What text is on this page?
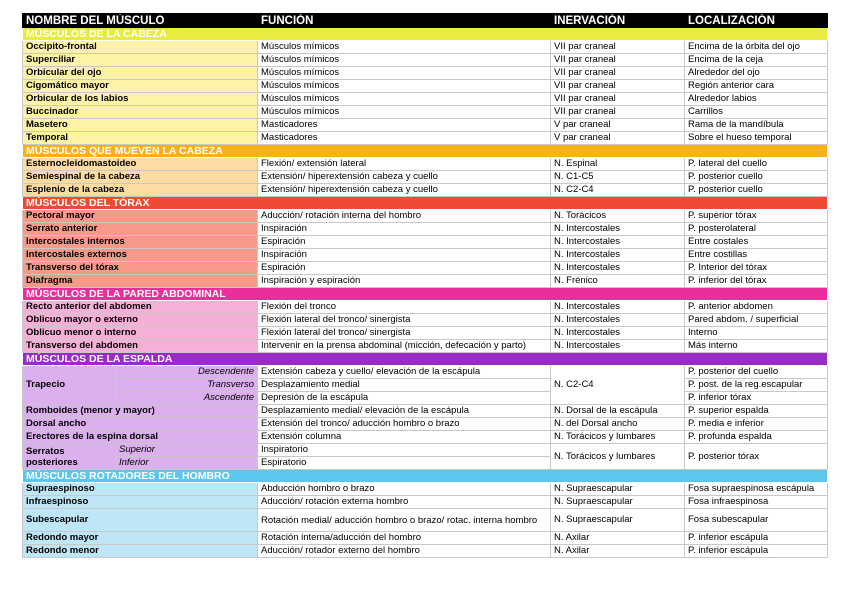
NOMBRE DEL MÚSCULO		FUNCIÓN	INERVACIÓN	LOCALIZACIÓN
MÚSCULOS DE LA CABEZA				
Occipito-frontal		Músculos mímicos	VII par craneal	Encima de la órbita del ojo
Superciliar		Músculos mímicos	VII par craneal	Encima de la ceja
Orbicular del ojo		Músculos mímicos	VII par craneal	Alrededor del ojo
Cigomático mayor		Músculos mímicos	VII par craneal	Región anterior cara
Orbicular de los labios		Músculos mímicos	VII par craneal	Alrededor labios
Buccinador		Músculos mímicos	VII par craneal	Carrillos
Masetero		Masticadores	V par craneal	Rama de la mandíbula
Temporal		Masticadores	V par craneal	Sobre el hueso temporal
MÚSCULOS QUE MUEVEN LA CABEZA				
Esternocleidomastoideo		Flexión/ extensión lateral	N. Espinal	P. lateral del cuello
Semiespinal de la cabeza		Extensión/ hiperextensión cabeza y cuello	N. C1-C5	P. posterior cuello
Esplenio de la cabeza		Extensión/ hiperextensión cabeza y cuello	N. C2-C4	P. posterior cuello
MÚSCULOS DEL TÓRAX				
Pectoral mayor		Aducción/ rotación interna del hombro	N. Torácicos	P. superior tórax
Serrato anterior		Inspiración	N. Intercostales	P. posterolateral
Intercostales internos		Espiración	N. Intercostales	Entre costales
Intercostales externos		Inspiración	N. Intercostales	Entre costillas
Transverso del tórax		Espiración	N. Intercostales	P. Interior del tórax
Diafragma		Inspiración y espiración	N. Frénico	P. inferior del tórax
MÚSCULOS DE LA PARED ABDOMINAL				
Recto anterior del abdomen		Flexión del tronco	N. Intercostales	P. anterior abdomen
Oblicuo mayor o externo		Flexión lateral del tronco/ sinergista	N. Intercostales	Pared abdom. / superficial
Oblicuo menor o interno		Flexión lateral del tronco/ sinergista	N. Intercostales	Interno
Transverso del abdomen		Intervenir en la prensa abdominal (micción, defecación y parto)	N. Intercostales	Más interno
MÚSCULOS DE LA ESPALDA				
Trapecio	Descendente	Extensión cabeza y cuello/ elevación de la escápula	N. C2-C4	P. posterior del cuello
	Transverso	Desplazamiento medial		P. post. de la reg.escapular
	Ascendente	Depresión de la escápula		P. inferior tórax
Romboides (menor y mayor)		Desplazamiento medial/ elevación de la escápula	N. Dorsal de la escápula	P. superior espalda
Dorsal ancho		Extensión del tronco/ aducción hombro o brazo	N. del Dorsal ancho	P. media e inferior
Erectores de la espina dorsal		Extensión columna	N. Torácicos y lumbares	P. profunda espalda
Serratos posteriores	Superior	Inspiratorio	N. Torácicos y lumbares	P. posterior tórax
	Inferior	Espiratorio		
MÚSCULOS ROTADORES DEL HOMBRO				
Supraespinoso		Abducción hombro o brazo	N. Supraescapular	Fosa supraespinosa escápula
Infraespinoso		Aducción/ rotación externa hombro	N. Supraescapular	Fosa infraespinosa
Subescapular		Rotación medial/ aducción hombro o brazo/ rotac. interna hombro	N. Supraescapular	Fosa subescapular
Redondo mayor		Rotación interna/aducción del hombro	N. Axilar	P. inferior escápula
Redondo menor		Aducción/ rotador externo del hombro	N. Axilar	P. inferior escápula
